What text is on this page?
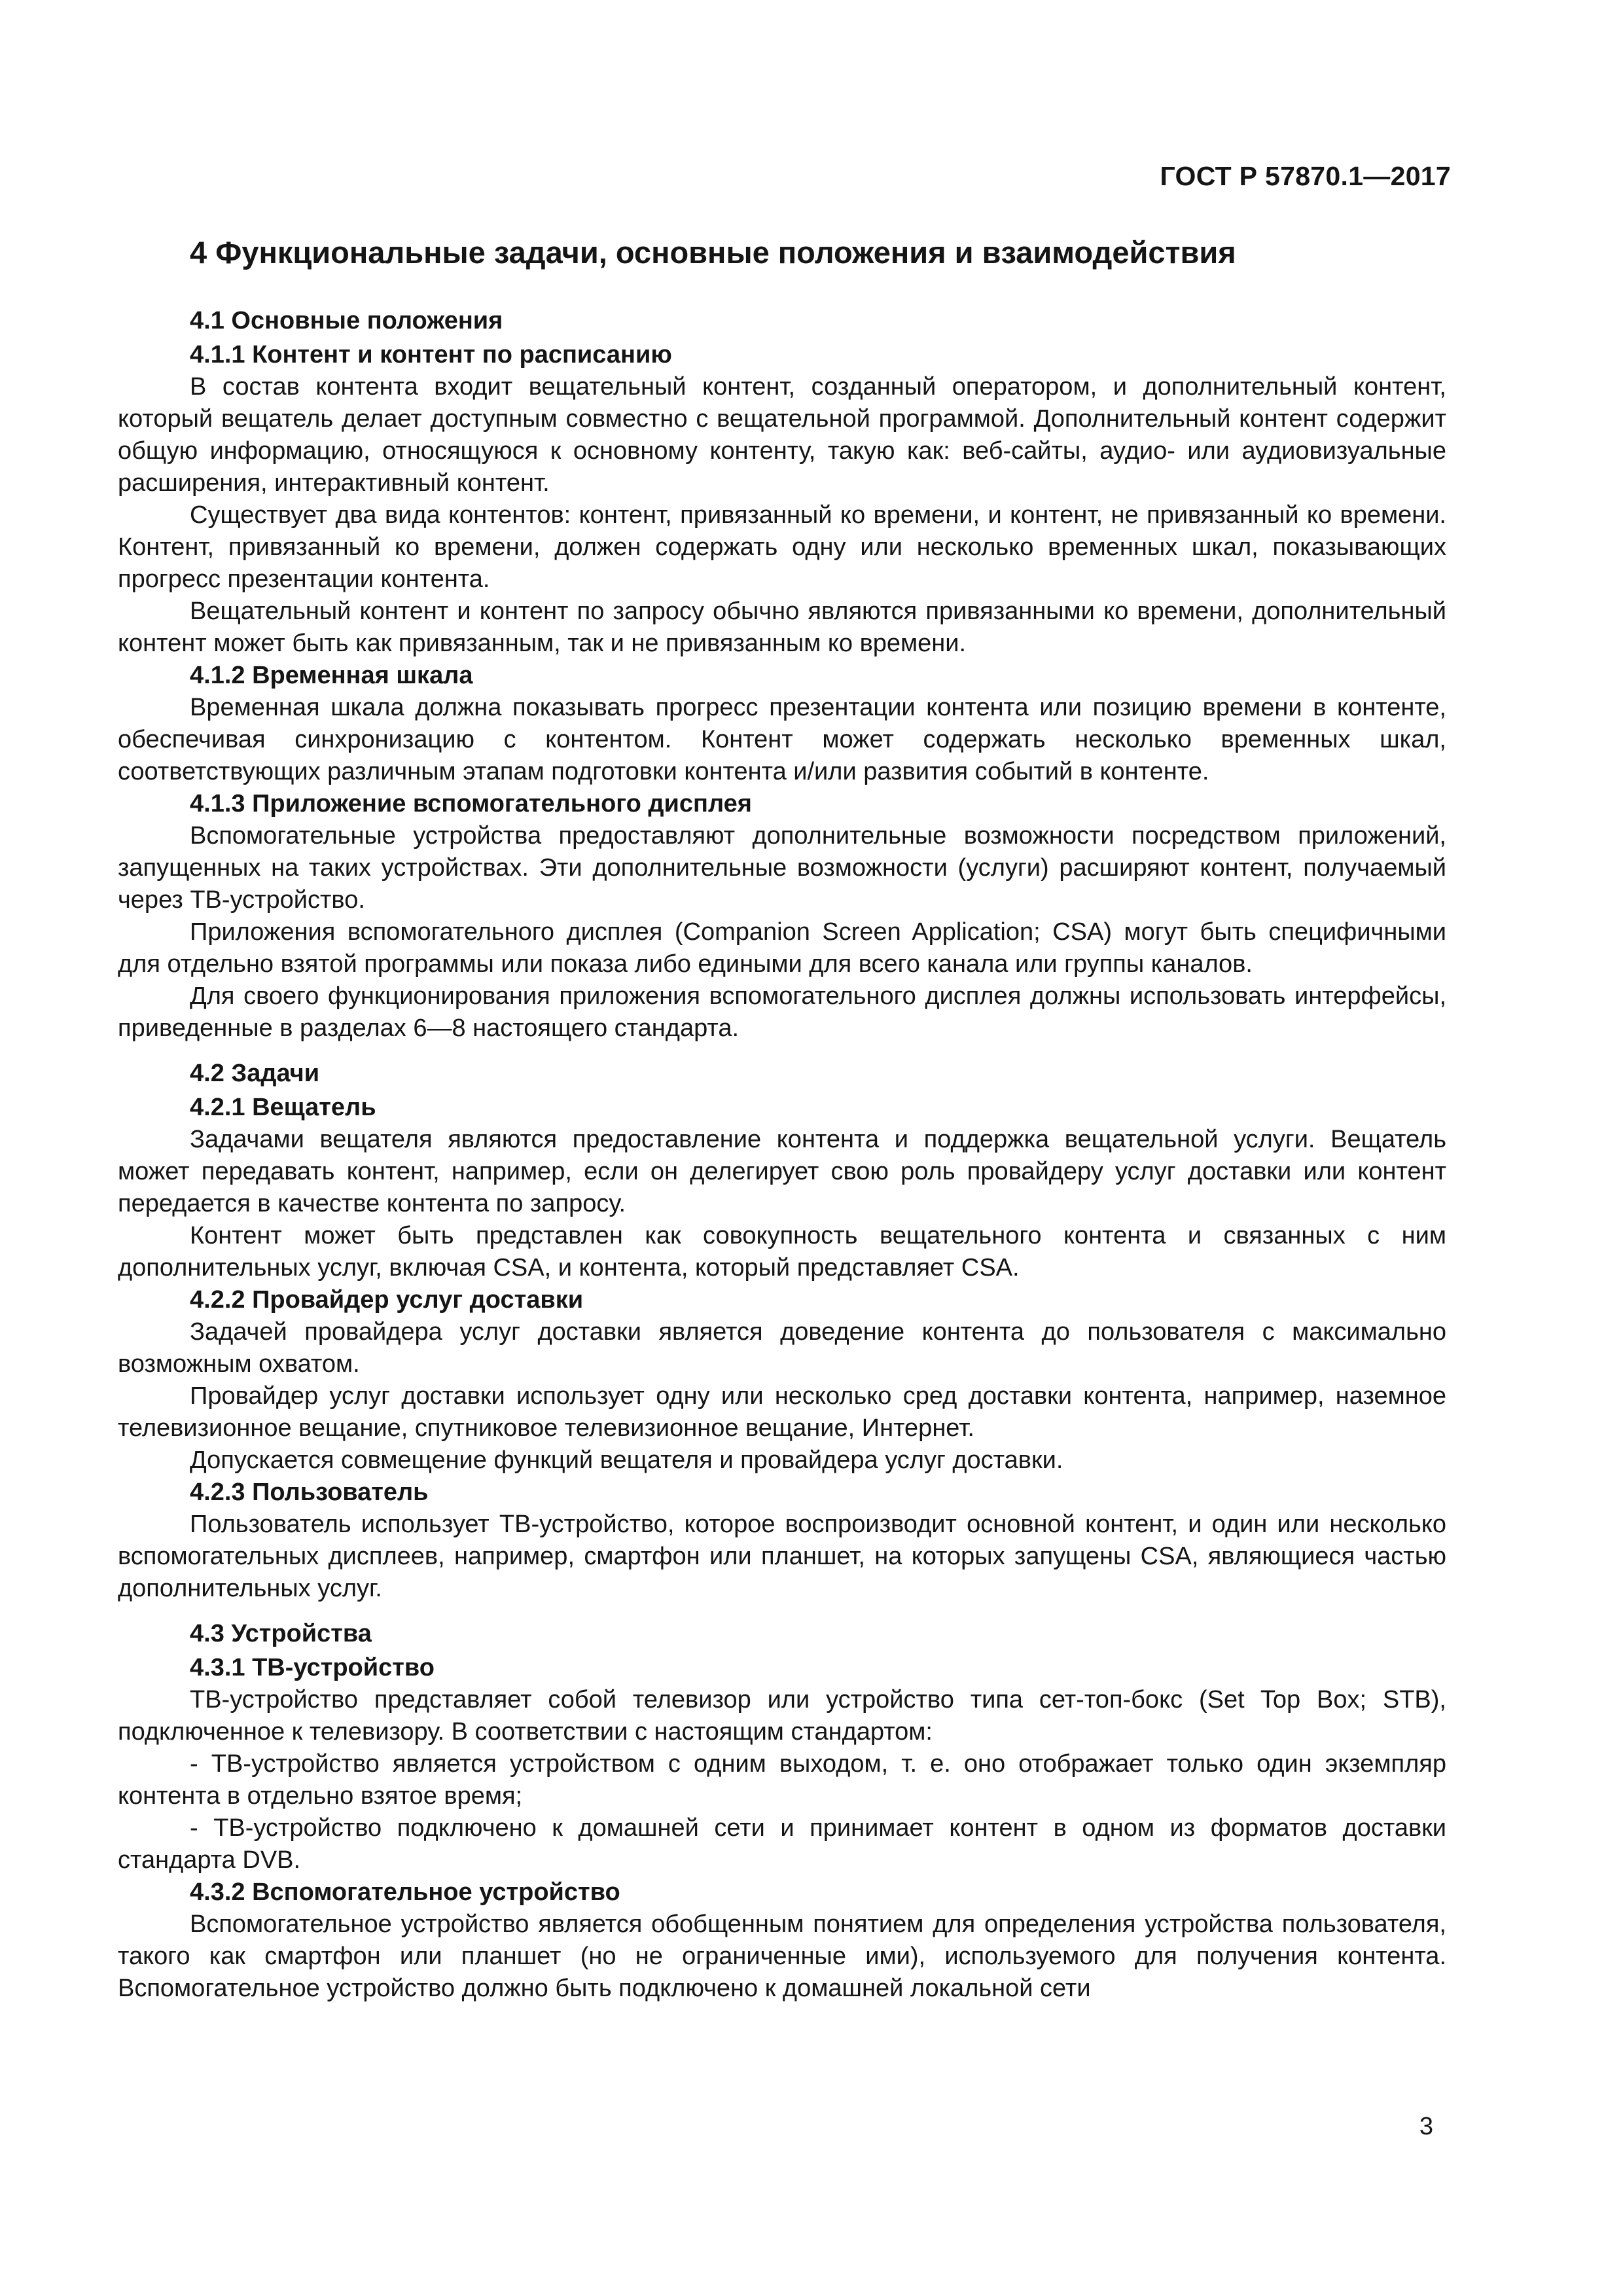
ГОСТ Р 57870.1—2017
4 Функциональные задачи, основные положения и взаимодействия
4.1 Основные положения
4.1.1 Контент и контент по расписанию

В состав контента входит вещательный контент, созданный оператором, и дополнительный контент, который вещатель делает доступным совместно с вещательной программой. Дополнительный контент содержит общую информацию, относящуюся к основному контенту, такую как: веб-сайты, аудио- или аудиовизуальные расширения, интерактивный контент.

Существует два вида контентов: контент, привязанный ко времени, и контент, не привязанный ко времени. Контент, привязанный ко времени, должен содержать одну или несколько временных шкал, показывающих прогресс презентации контента.

Вещательный контент и контент по запросу обычно являются привязанными ко времени, дополнительный контент может быть как привязанным, так и не привязанным ко времени.

4.1.2 Временная шкала

Временная шкала должна показывать прогресс презентации контента или позицию времени в контенте, обеспечивая синхронизацию с контентом. Контент может содержать несколько временных шкал, соответствующих различным этапам подготовки контента и/или развития событий в контенте.

4.1.3 Приложение вспомогательного дисплея

Вспомогательные устройства предоставляют дополнительные возможности посредством приложений, запущенных на таких устройствах. Эти дополнительные возможности (услуги) расширяют контент, получаемый через ТВ-устройство.

Приложения вспомогательного дисплея (Companion Screen Application; CSA) могут быть специфичными для отдельно взятой программы или показа либо едиными для всего канала или группы каналов.

Для своего функционирования приложения вспомогательного дисплея должны использовать интерфейсы, приведенные в разделах 6—8 настоящего стандарта.

4.2 Задачи
4.2.1 Вещатель

Задачами вещателя являются предоставление контента и поддержка вещательной услуги. Вещатель может передавать контент, например, если он делегирует свою роль провайдеру услуг доставки или контент передается в качестве контента по запросу.

Контент может быть представлен как совокупность вещательного контента и связанных с ним дополнительных услуг, включая CSA, и контента, который представляет CSA.

4.2.2 Провайдер услуг доставки

Задачей провайдера услуг доставки является доведение контента до пользователя с максимально возможным охватом.

Провайдер услуг доставки использует одну или несколько сред доставки контента, например, наземное телевизионное вещание, спутниковое телевизионное вещание, Интернет.

Допускается совмещение функций вещателя и провайдера услуг доставки.

4.2.3 Пользователь

Пользователь использует ТВ-устройство, которое воспроизводит основной контент, и один или несколько вспомогательных дисплеев, например, смартфон или планшет, на которых запущены CSA, являющиеся частью дополнительных услуг.

4.3 Устройства
4.3.1 ТВ-устройство

ТВ-устройство представляет собой телевизор или устройство типа сет-топ-бокс (Set Top Box; STB), подключенное к телевизору. В соответствии с настоящим стандартом:

- ТВ-устройство является устройством с одним выходом, т. е. оно отображает только один экземпляр контента в отдельно взятое время;

- ТВ-устройство подключено к домашней сети и принимает контент в одном из форматов доставки стандарта DVB.

4.3.2 Вспомогательное устройство

Вспомогательное устройство является обобщенным понятием для определения устройства пользователя, такого как смартфон или планшет (но не ограниченные ими), используемого для получения контента. Вспомогательное устройство должно быть подключено к домашней локальной сети

3
